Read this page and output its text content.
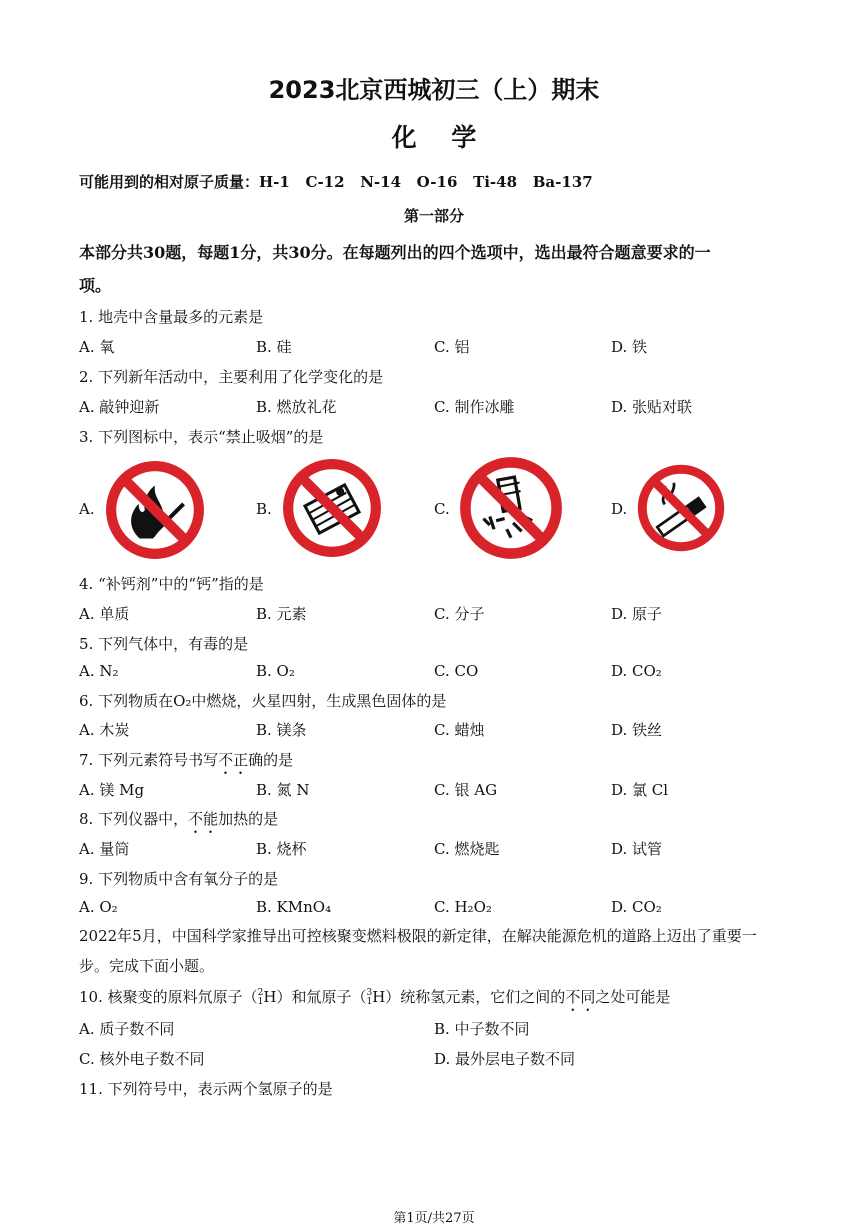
2023北京西城初三（上）期末
化    学
可能用到的相对原子质量：H-1   C-12   N-14   O-16   Ti-48   Ba-137
第一部分
本部分共30题，每题1分，共30分。在每题列出的四个选项中，选出最符合题意要求的一
项。
1. 地壳中含量最多的元素是
A. 氧	B. 硅	C. 铝	D. 铁
2. 下列新年活动中，主要利用了化学变化的是
A. 敲钟迎新	B. 燃放礼花	C. 制作冰雕	D. 张贴对联
3. 下列图标中，表示“禁止吸烟”的是
A.	B.	C.	D.
4. “补钙剂”中的“钙”指的是
A. 单质	B. 元素	C. 分子	D. 原子
5. 下列气体中，有毒的是
A. N₂	B. O₂	C. CO	D. CO₂
6. 下列物质在O₂中燃烧，火星四射，生成黑色固体的是
A. 木炭	B. 镁条	C. 蜡烛	D. 铁丝
7. 下列元素符号书写不正确的是
A. 镁 Mg	B. 氮 N	C. 银 AG	D. 氯 Cl
8. 下列仪器中，不能加热的是
A. 量筒	B. 烧杯	C. 燃烧匙	D. 试管
9. 下列物质中含有氧分子的是
A. O₂	B. KMnO₄	C. H₂O₂	D. CO₂
2022年5月，中国科学家推导出可控核聚变燃料极限的新定律，在解决能源危机的道路上迈出了重要一
步。完成下面小题。
10. 核聚变的原料氘原子（2
1H）和氚原子（3
1H）统称氢元素，它们之间的不同之处可能是
A. 质子数不同	B. 中子数不同
C. 核外电子数不同	D. 最外层电子数不同
11. 下列符号中，表示两个氢原子的是
第1页/共27页
